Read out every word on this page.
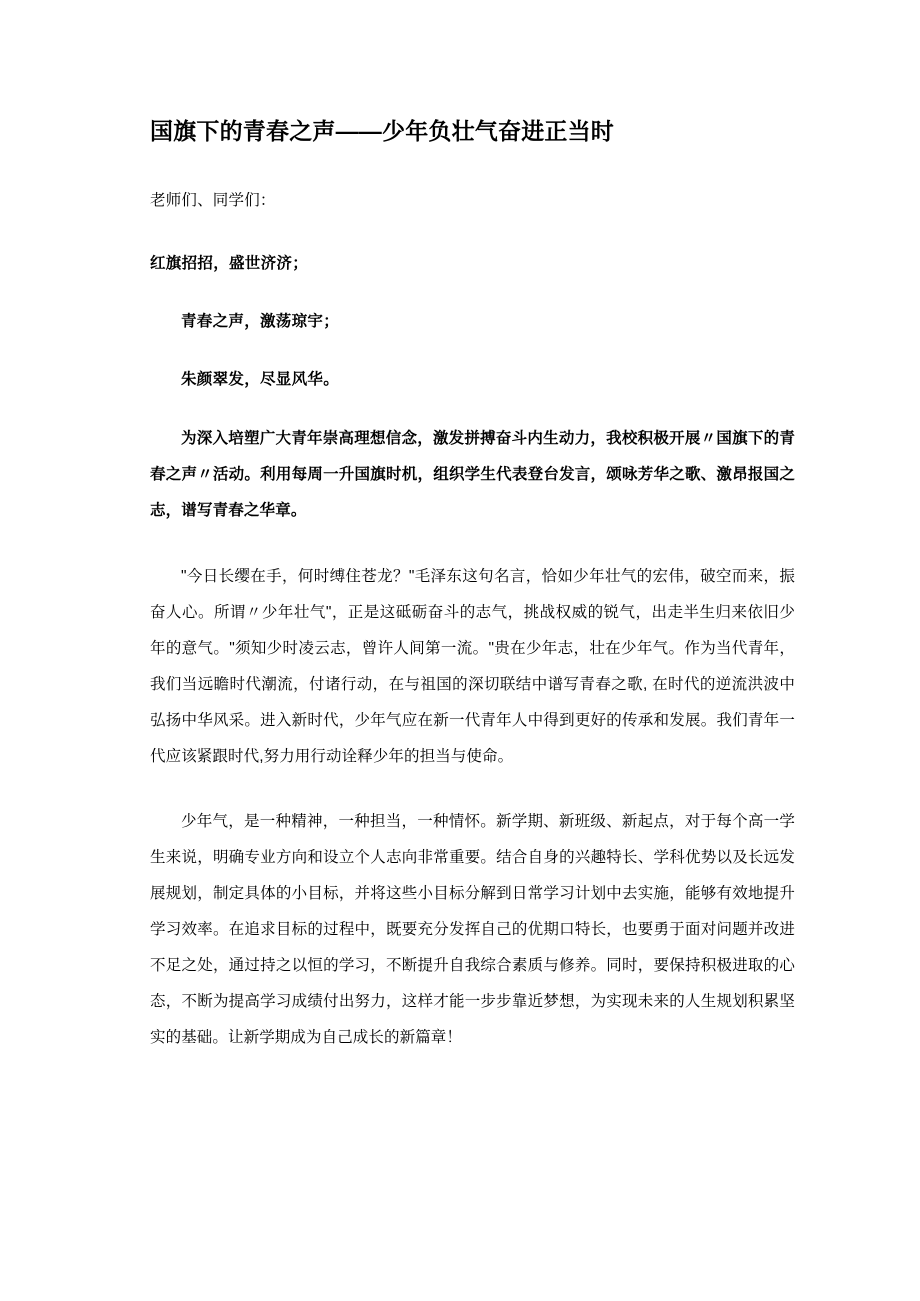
国旗下的青春之声——少年负壮气奋进正当时

老师们、同学们：

红旗招招，盛世济济；

青春之声，激荡琼宇；

朱颜翠发，尽显风华。

为深入培塑广大青年崇高理想信念，激发拼搏奋斗内生动力，我校积极开展〃国旗下的青春之声〃活动。利用每周一升国旗时机，组织学生代表登台发言，颂咏芳华之歌、激昂报国之志，谱写青春之华章。

"今日长缨在手，何时缚住苍龙？"毛泽东这句名言，恰如少年壮气的宏伟，破空而来，振奋人心。所谓〃少年壮气"，正是这砥砺奋斗的志气，挑战权威的锐气，出走半生归来依旧少年的意气。"须知少时凌云志，曾许人间第一流。"贵在少年志，壮在少年气。作为当代青年，我们当远瞻时代潮流，付诸行动，在与祖国的深切联结中谱写青春之歌, 在时代的逆流洪波中弘扬中华风采。进入新时代，少年气应在新一代青年人中得到更好的传承和发展。我们青年一代应该紧跟时代,努力用行动诠释少年的担当与使命。

少年气，是一种精神，一种担当，一种情怀。新学期、新班级、新起点，对于每个高一学生来说，明确专业方向和设立个人志向非常重要。结合自身的兴趣特长、学科优势以及长远发展规划，制定具体的小目标，并将这些小目标分解到日常学习计划中去实施，能够有效地提升学习效率。在追求目标的过程中，既要充分发挥自己的优期口特长，也要勇于面对问题并改进不足之处，通过持之以恒的学习，不断提升自我综合素质与修养。同时，要保持积极进取的心态，不断为提高学习成绩付出努力，这样才能一步步靠近梦想，为实现未来的人生规划积累坚实的基础。让新学期成为自己成长的新篇章！
